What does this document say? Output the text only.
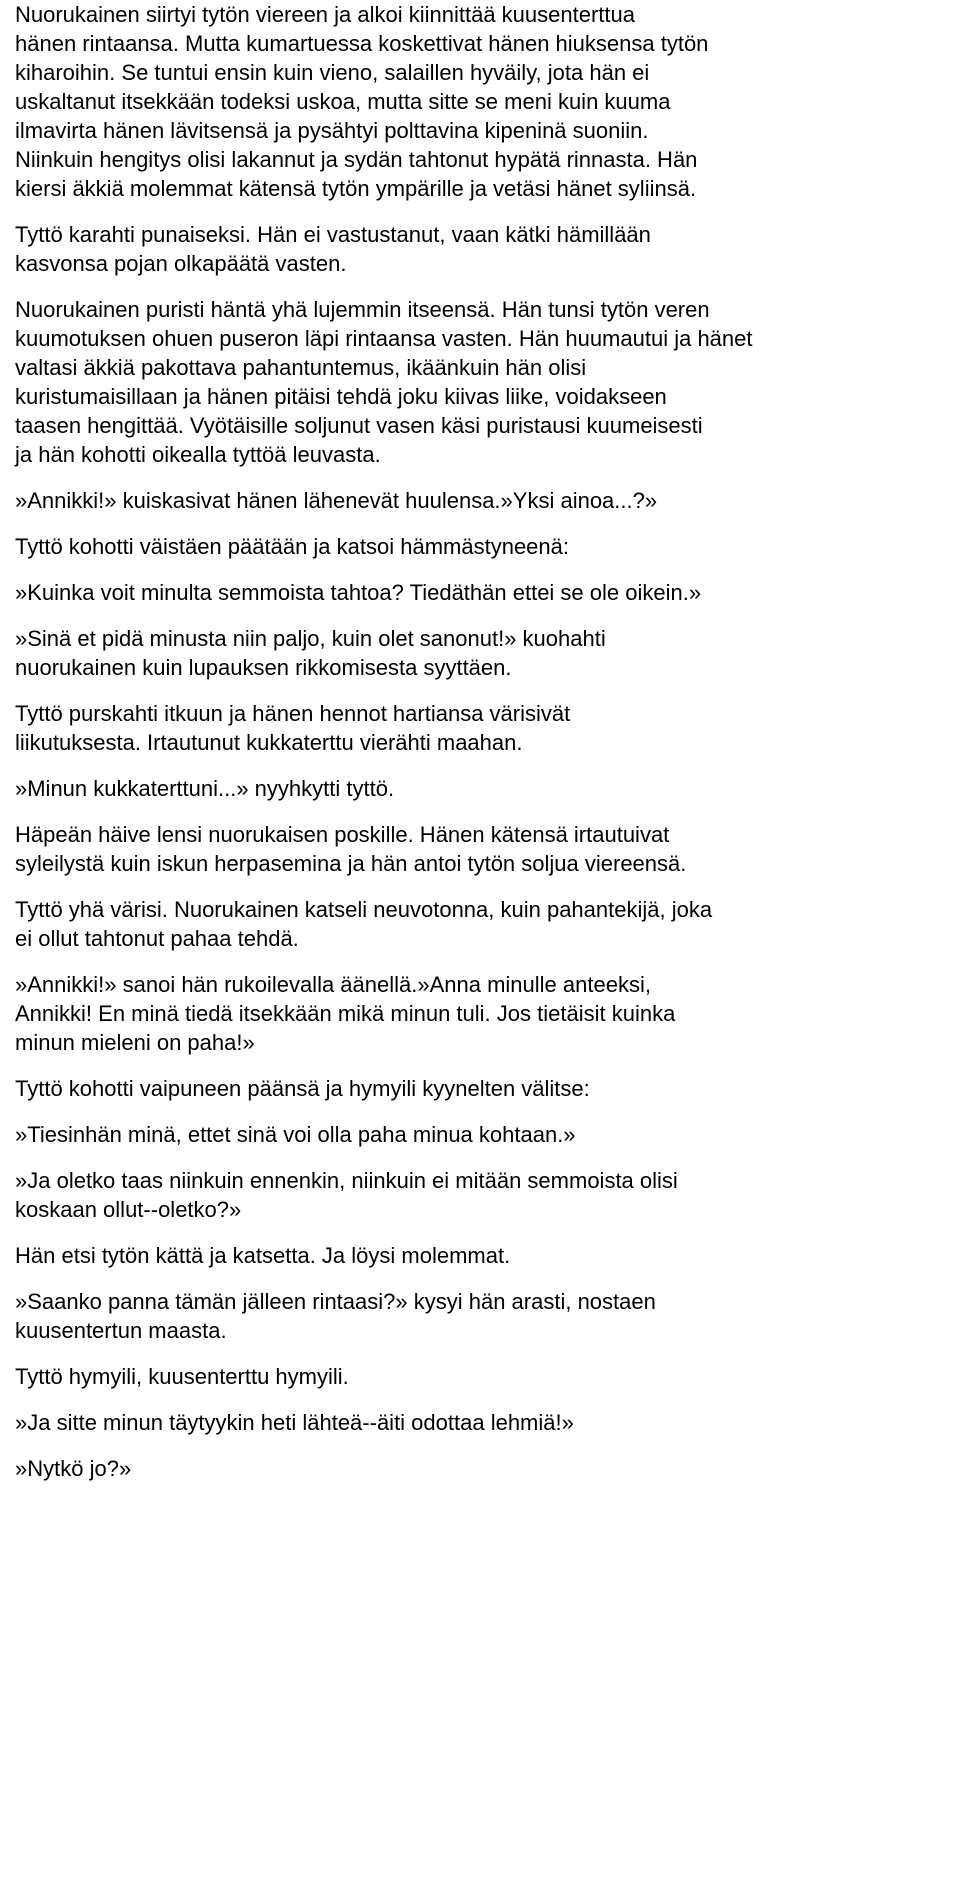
Nuorukainen siirtyi tytön viereen ja alkoi kiinnittää kuusenterttua
hänen rintaansa. Mutta kumartuessa koskettivat hänen hiuksensa tytön
kiharoihin. Se tuntui ensin kuin vieno, salaillen hyväily, jota hän ei
uskaltanut itsekkään todeksi uskoa, mutta sitte se meni kuin kuuma
ilmavirta hänen lävitsensä ja pysähtyi polttavina kipeninä suoniin.
Niinkuin hengitys olisi lakannut ja sydän tahtonut hypätä rinnasta. Hän
kiersi äkkiä molemmat kätensä tytön ympärille ja vetäsi hänet syliinsä.
Tyttö karahti punaiseksi. Hän ei vastustanut, vaan kätki hämillään
kasvonsa pojan olkapäätä vasten.
Nuorukainen puristi häntä yhä lujemmin itseensä. Hän tunsi tytön veren
kuumotuksen ohuen puseron läpi rintaansa vasten. Hän huumautui ja hänet
valtasi äkkiä pakottava pahantuntemus, ikäänkuin hän olisi
kuristumaisillaan ja hänen pitäisi tehdä joku kiivas liike, voidakseen
taasen hengittää. Vyötäisille soljunut vasen käsi puristausi kuumeisesti
ja hän kohotti oikealla tyttöä leuvasta.
»Annikki!» kuiskasivat hänen lähenevät huulensa.»Yksi ainoa...?»
Tyttö kohotti väistäen päätään ja katsoi hämmästyneenä:
»Kuinka voit minulta semmoista tahtoa? Tiedäthän ettei se ole oikein.»
»Sinä et pidä minusta niin paljo, kuin olet sanonut!» kuohahti
nuorukainen kuin lupauksen rikkomisesta syyttäen.
Tyttö purskahti itkuun ja hänen hennot hartiansa värisivät
liikutuksesta. Irtautunut kukkaterttu vierähti maahan.
»Minun kukkaterttuni...» nyyhkytti tyttö.
Häpeän häive lensi nuorukaisen poskille. Hänen kätensä irtautuivat
syleilystä kuin iskun herpasemina ja hän antoi tytön soljua viereensä.
Tyttö yhä värisi. Nuorukainen katseli neuvotonna, kuin pahantekijä, joka
ei ollut tahtonut pahaa tehdä.
»Annikki!» sanoi hän rukoilevalla äänellä.»Anna minulle anteeksi,
Annikki! En minä tiedä itsekkään mikä minun tuli. Jos tietäisit kuinka
minun mieleni on paha!»
Tyttö kohotti vaipuneen päänsä ja hymyili kyynelten välitse:
»Tiesinhän minä, ettet sinä voi olla paha minua kohtaan.»
»Ja oletko taas niinkuin ennenkin, niinkuin ei mitään semmoista olisi
koskaan ollut--oletko?»
Hän etsi tytön kättä ja katsetta. Ja löysi molemmat.
»Saanko panna tämän jälleen rintaasi?» kysyi hän arasti, nostaen
kuusentertun maasta.
Tyttö hymyili, kuusenterttu hymyili.
»Ja sitte minun täytyykin heti lähteä--äiti odottaa lehmiä!»
»Nytkö jo?»
